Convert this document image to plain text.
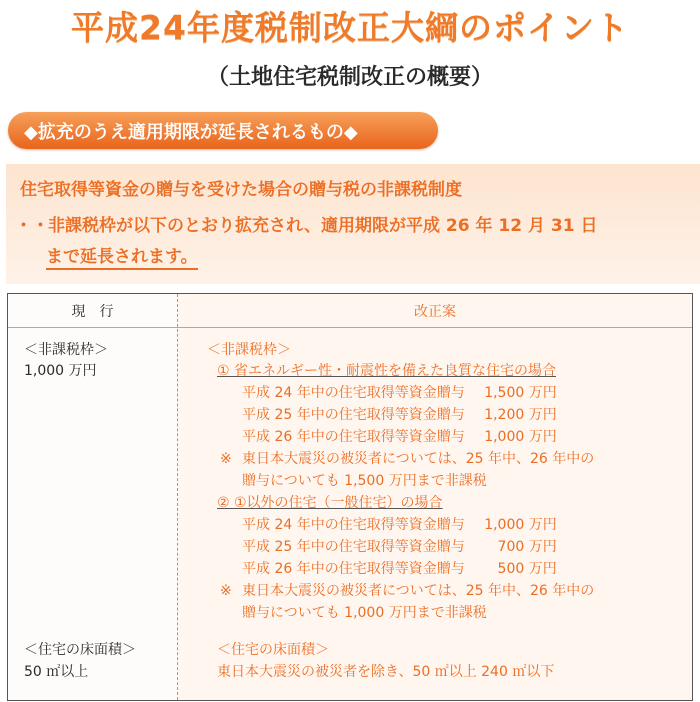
平成24年度税制改正大綱のポイント
（土地住宅税制改正の概要）
◆拡充のうえ適用期限が延長されるもの◆
住宅取得等資金の贈与を受けた場合の贈与税の非課税制度
・・ 非課税枠が以下のとおり拡充され、適用期限が平成 26 年 12 月 31 日
まで延長されます。
現行	改正案
＜非課税枠＞
1,000 万円
＜住宅の床面積＞
50 ㎡以上
＜非課税枠＞
① 省エネルギー性・耐震性を備えた良質な住宅の場合
平成 24 年中の住宅取得等資金贈与 1,500 万円
平成 25 年中の住宅取得等資金贈与 1,200 万円
平成 26 年中の住宅取得等資金贈与 1,000 万円
※ 東日本大震災の被災者については、25 年中、26 年中の
贈与についても 1,500 万円まで非課税
② ①以外の住宅（一般住宅）の場合
平成 24 年中の住宅取得等資金贈与 1,000 万円
平成 25 年中の住宅取得等資金贈与 700 万円
平成 26 年中の住宅取得等資金贈与 500 万円
※ 東日本大震災の被災者については、25 年中、26 年中の
贈与についても 1,000 万円まで非課税
＜住宅の床面積＞
東日本大震災の被災者を除き、50 ㎡以上 240 ㎡以下
